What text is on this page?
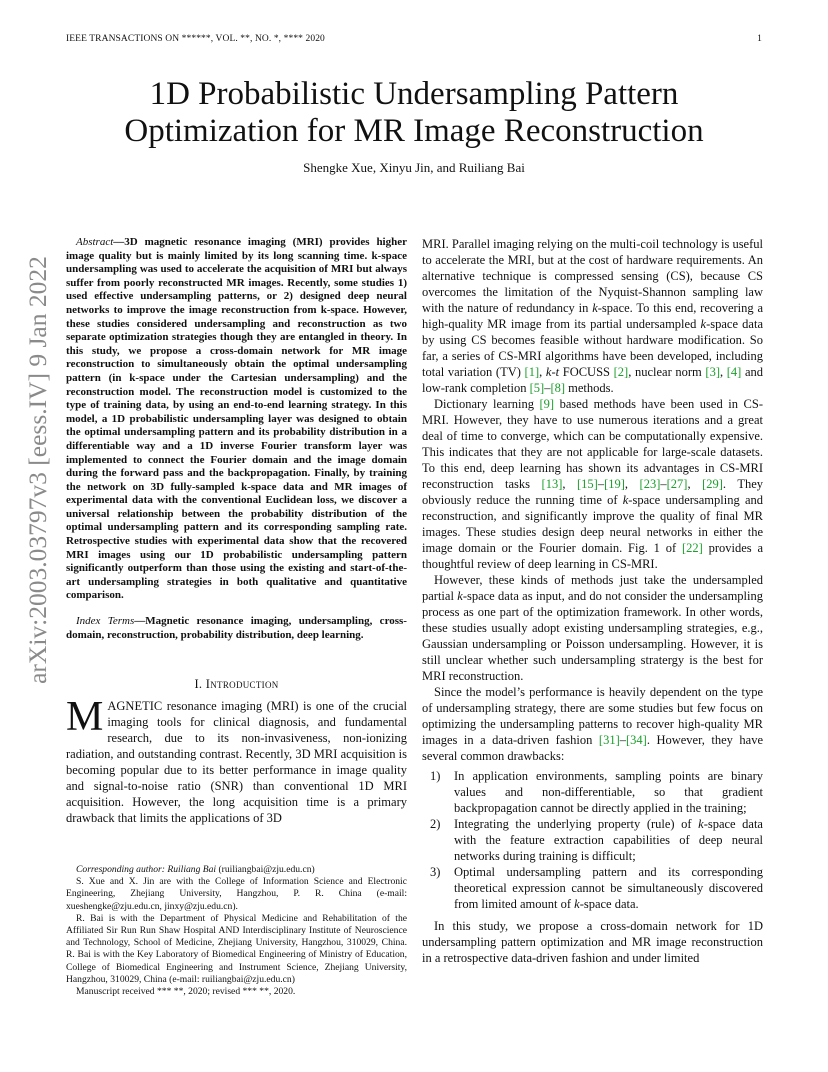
IEEE TRANSACTIONS ON ******, VOL. **, NO. *, **** 2020	1
arXiv:2003.03797v3 [eess.IV] 9 Jan 2022
1D Probabilistic Undersampling Pattern
Optimization for MR Image Reconstruction
Shengke Xue, Xinyu Jin, and Ruiliang Bai

Abstract—3D magnetic resonance imaging (MRI) provides higher image quality but is mainly limited by its long scanning time. k-space undersampling was used to accelerate the acquisition of MRI but always suffer from poorly reconstructed MR images. Recently, some studies 1) used effective undersampling patterns, or 2) designed deep neural networks to improve the image reconstruction from k-space. However, these studies considered undersampling and reconstruction as two separate optimization strategies though they are entangled in theory. In this study, we propose a cross-domain network for MR image reconstruction to simultaneously obtain the optimal undersampling pattern (in k-space under the Cartesian undersampling) and the reconstruction model. The reconstruction model is customized to the type of training data, by using an end-to-end learning strategy. In this model, a 1D probabilistic undersampling layer was designed to obtain the optimal undersampling pattern and its probability distribution in a differentiable way and a 1D inverse Fourier transform layer was implemented to connect the Fourier domain and the image domain during the forward pass and the backpropagation. Finally, by training the network on 3D fully-sampled k-space data and MR images of experimental data with the conventional Euclidean loss, we discover a universal relationship between the probability distribution of the optimal undersampling pattern and its corresponding sampling rate. Retrospective studies with experimental data show that the recovered MRI images using our 1D probabilistic undersampling pattern significantly outperform than those using the existing and start-of-the-art undersampling strategies in both qualitative and quantitative comparison.

Index Terms—Magnetic resonance imaging, undersampling, cross-domain, reconstruction, probability distribution, deep learning.

I. Introduction

MAGNETIC resonance imaging (MRI) is one of the crucial imaging tools for clinical diagnosis, and fundamental research, due to its non-invasiveness, non-ionizing radiation, and outstanding contrast. Recently, 3D MRI acquisition is becoming popular due to its better performance in image quality and signal-to-noise ratio (SNR) than conventional 1D MRI acquisition. However, the long acquisition time is a primary drawback that limits the applications of 3D

Corresponding author: Ruiliang Bai (ruiliangbai@zju.edu.cn)

S. Xue and X. Jin are with the College of Information Science and Electronic Engineering, Zhejiang University, Hangzhou, P. R. China (e-mail: xueshengke@zju.edu.cn, jinxy@zju.edu.cn).

R. Bai is with the Department of Physical Medicine and Rehabilitation of the Affiliated Sir Run Run Shaw Hospital AND Interdisciplinary Institute of Neuroscience and Technology, School of Medicine, Zhejiang University, Hangzhou, 310029, China. R. Bai is with the Key Laboratory of Biomedical Engineering of Ministry of Education, College of Biomedical Engineering and Instrument Science, Zhejiang University, Hangzhou, 310029, China (e-mail: ruiliangbai@zju.edu.cn)

Manuscript received *** **, 2020; revised *** **, 2020.

MRI. Parallel imaging relying on the multi-coil technology is useful to accelerate the MRI, but at the cost of hardware requirements. An alternative technique is compressed sensing (CS), because CS overcomes the limitation of the Nyquist-Shannon sampling law with the nature of redundancy in k-space. To this end, recovering a high-quality MR image from its partial undersampled k-space data by using CS becomes feasible without hardware modification. So far, a series of CS-MRI algorithms have been developed, including total variation (TV) [1], k-t FOCUSS [2], nuclear norm [3], [4] and low-rank completion [5]–[8] methods.

Dictionary learning [9] based methods have been used in CS-MRI. However, they have to use numerous iterations and a great deal of time to converge, which can be computationally expensive. This indicates that they are not applicable for large-scale datasets. To this end, deep learning has shown its advantages in CS-MRI reconstruction tasks [13], [15]–[19], [23]–[27], [29]. They obviously reduce the running time of k-space undersampling and reconstruction, and significantly improve the quality of final MR images. These studies design deep neural networks in either the image domain or the Fourier domain. Fig. 1 of [22] provides a thoughtful review of deep learning in CS-MRI.

However, these kinds of methods just take the undersampled partial k-space data as input, and do not consider the undersampling process as one part of the optimization framework. In other words, these studies usually adopt existing undersampling strategies, e.g., Gaussian undersampling or Poisson undersampling. However, it is still unclear whether such undersampling stratergy is the best for MRI reconstruction.

Since the model’s performance is heavily dependent on the type of undersampling strategy, there are some studies but few focus on optimizing the undersampling patterns to recover high-quality MR images in a data-driven fashion [31]–[34]. However, they have several common drawbacks:

1) In application environments, sampling points are binary values and non-differentiable, so that gradient backpropagation cannot be directly applied in the training;
2) Integrating the underlying property (rule) of k-space data with the feature extraction capabilities of deep neural networks during training is difficult;
3) Optimal undersampling pattern and its corresponding theoretical expression cannot be simultaneously discovered from limited amount of k-space data.

In this study, we propose a cross-domain network for 1D undersampling pattern optimization and MR image reconstruction in a retrospective data-driven fashion and under limited
